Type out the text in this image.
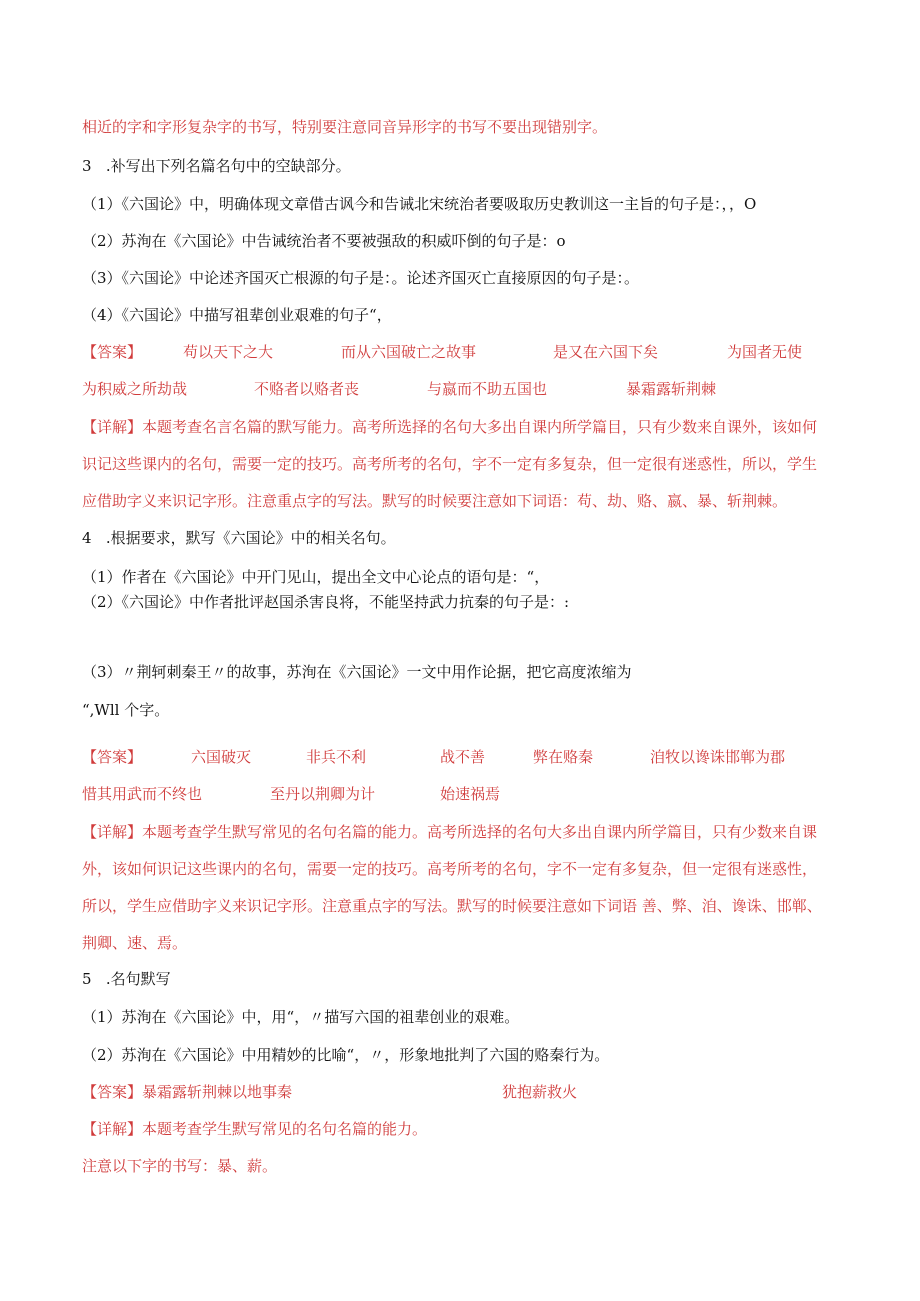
相近的字和字形复杂字的书写，特别要注意同音异形字的书写不要出现错别字。
3   .补写出下列名篇名句中的空缺部分。
（1）《六国论》中，明确体现文章借古讽今和告诫北宋统治者要吸取历史教训这一主旨的句子是：，，O
（2）苏洵在《六国论》中告诫统治者不要被强敌的积威吓倒的句子是：o
（3）《六国论》中论述齐国灭亡根源的句子是：。论述齐国灭亡直接原因的句子是：。
（4）《六国论》中描写祖辈创业艰难的句子“，
【答案】	苟以天下之大	而从六国破亡之故事	是又在六国下矣	为国者无使
为积威之所劫哉	不赂者以赂者丧	与嬴而不助五国也	暴霜露斩荆棘
【详解】本题考查名言名篇的默写能力。高考所选择的名句大多出自课内所学篇目，只有少数来自课外，该如何
识记这些课内的名句，需要一定的技巧。高考所考的名句，字不一定有多复杂，但一定很有迷惑性，所以，学生
应借助字义来识记字形。注意重点字的写法。默写的时候要注意如下词语：苟、劫、赂、嬴、暴、斩荆棘。
4   .根据要求，默写《六国论》中的相关名句。
（1）作者在《六国论》中开门见山，提出全文中心论点的语句是：“，
（2）《六国论》中作者批评赵国杀害良将，不能坚持武力抗秦的句子是：:
（3）〃荆轲刺秦王〃的故事，苏洵在《六国论》一文中用作论据，把它高度浓缩为
“,Wll 个字。
【答案】	六国破灭	非兵不利	战不善	弊在赂秦	洎牧以谗诛邯郸为郡
惜其用武而不终也	至丹以荆卿为计	始速祸焉
【详解】本题考查学生默写常见的名句名篇的能力。高考所选择的名句大多出自课内所学篇目，只有少数来自课
外，该如何识记这些课内的名句，需要一定的技巧。高考所考的名句，字不一定有多复杂，但一定很有迷惑性，
所以，学生应借助字义来识记字形。注意重点字的写法。默写的时候要注意如下词语 善、弊、洎、谗诛、邯郸、
荆卿、速、焉。
5   .名句默写
（1）苏洵在《六国论》中，用“，〃描写六国的祖辈创业的艰难。
（2）苏洵在《六国论》中用精妙的比喻“，〃，形象地批判了六国的赂秦行为。
【答案】暴霜露斩荆棘以地事秦	犹抱薪救火
【详解】本题考查学生默写常见的名句名篇的能力。
注意以下字的书写：暴、薪。
